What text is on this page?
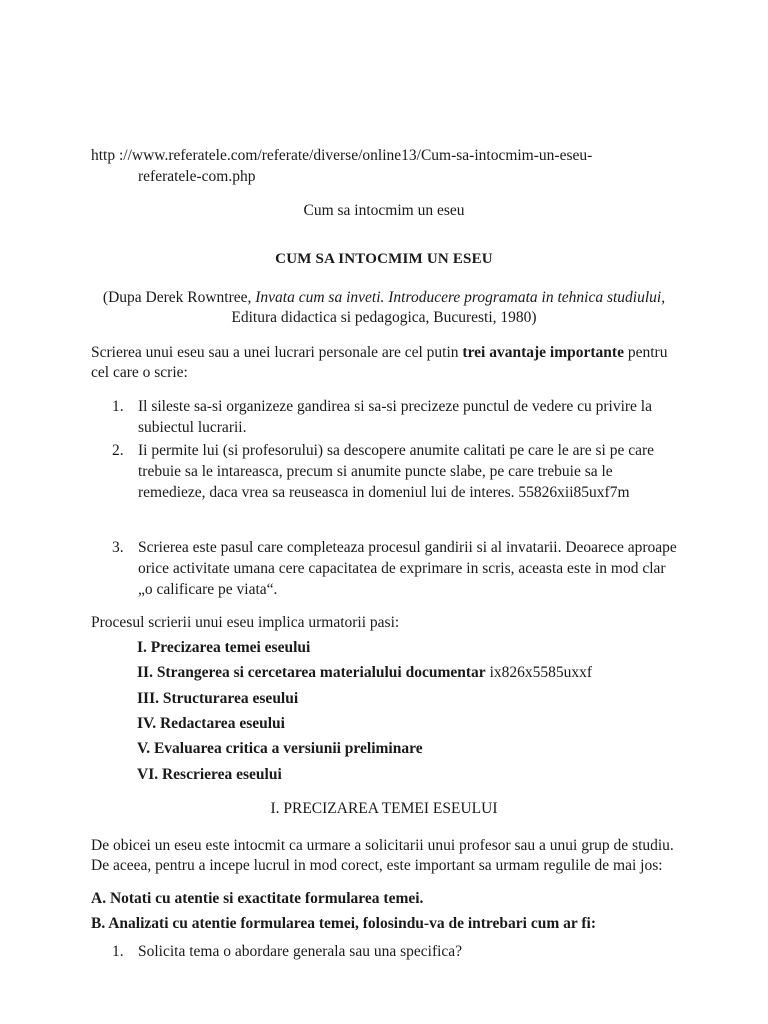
http ://www.referatele.com/referate/diverse/online13/Cum-sa-intocmim-un-eseu-
referatele-com.php
Cum sa intocmim un eseu
CUM SA INTOCMIM UN ESEU
(Dupa Derek Rowntree, Invata cum sa inveti. Introducere programata in tehnica studiului,
Editura didactica si pedagogica, Bucuresti, 1980)
Scrierea unui eseu sau a unei lucrari personale are cel putin trei avantaje importante pentru cel care o scrie:
1. Il sileste sa-si organizeze gandirea si sa-si precizeze punctul de vedere cu privire la subiectul lucrarii.
2. Ii permite lui (si profesorului) sa descopere anumite calitati pe care le are si pe care trebuie sa le intareasca, precum si anumite puncte slabe, pe care trebuie sa le remedieze, daca vrea sa reuseasca in domeniul lui de interes. 55826xii85uxf7m
3. Scrierea este pasul care completeaza procesul gandirii si al invatarii. Deoarece aproape orice activitate umana cere capacitatea de exprimare in scris, aceasta este in mod clar „o calificare pe viata“.
Procesul scrierii unui eseu implica urmatorii pasi:
I. Precizarea temei eseului
II. Strangerea si cercetarea materialului documentar ix826x5585uxxf
III. Structurarea eseului
IV. Redactarea eseului
V. Evaluarea critica a versiunii preliminare
VI. Rescrierea eseului
I. PRECIZAREA TEMEI ESEULUI
De obicei un eseu este intocmit ca urmare a solicitarii unui profesor sau a unui grup de studiu. De aceea, pentru a incepe lucrul in mod corect, este important sa urmam regulile de mai jos:
A. Notati cu atentie si exactitate formularea temei.
B. Analizati cu atentie formularea temei, folosindu-va de intrebari cum ar fi:
1. Solicita tema o abordare generala sau una specifica?
